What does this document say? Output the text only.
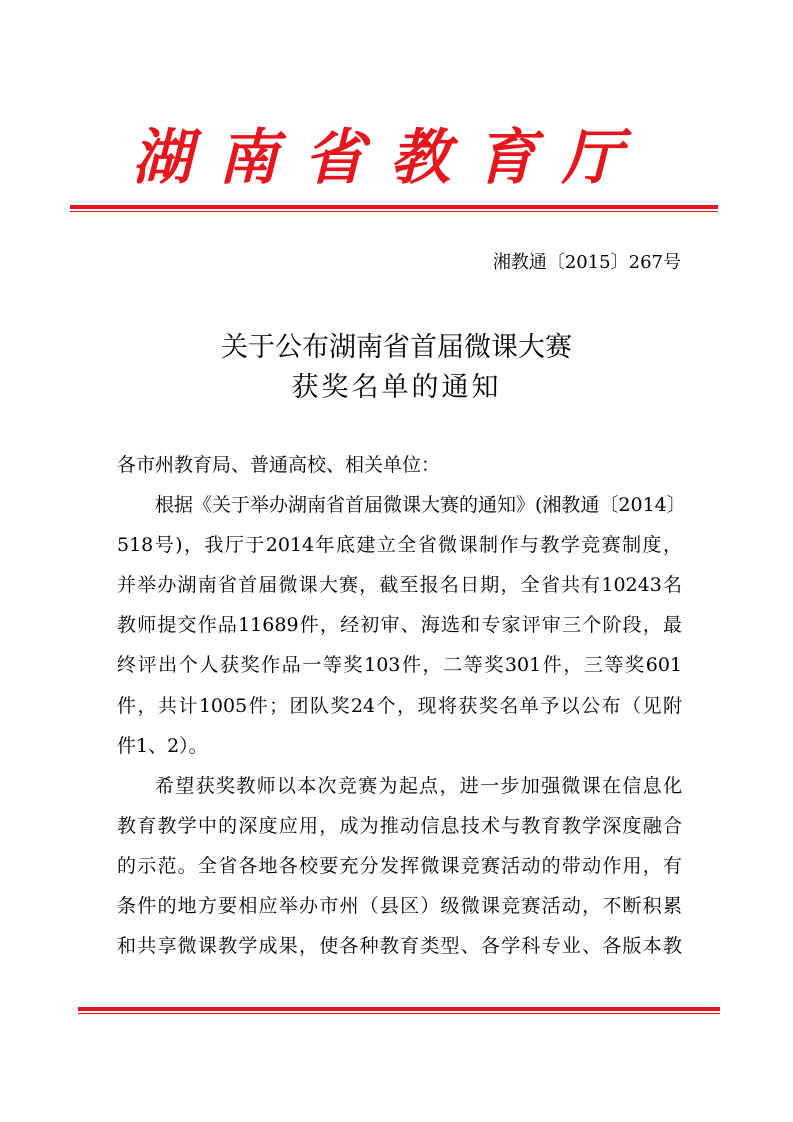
湖南省教育厅
湘教通〔2015〕267号
关于公布湖南省首届微课大赛
获奖名单的通知
各市州教育局、普通高校、相关单位：
根据《关于举办湖南省首届微课大赛的通知》(湘教通〔2014〕
518号)，我厅于2014年底建立全省微课制作与教学竞赛制度，
并举办湖南省首届微课大赛，截至报名日期，全省共有10243名
教师提交作品11689件，经初审、海选和专家评审三个阶段，最
终评出个人获奖作品一等奖103件，二等奖301件，三等奖601
件，共计1005件；团队奖24个，现将获奖名单予以公布（见附
件1、2）。
希望获奖教师以本次竞赛为起点，进一步加强微课在信息化
教育教学中的深度应用，成为推动信息技术与教育教学深度融合
的示范。全省各地各校要充分发挥微课竞赛活动的带动作用，有
条件的地方要相应举办市州（县区）级微课竞赛活动，不断积累
和共享微课教学成果，使各种教育类型、各学科专业、各版本教
